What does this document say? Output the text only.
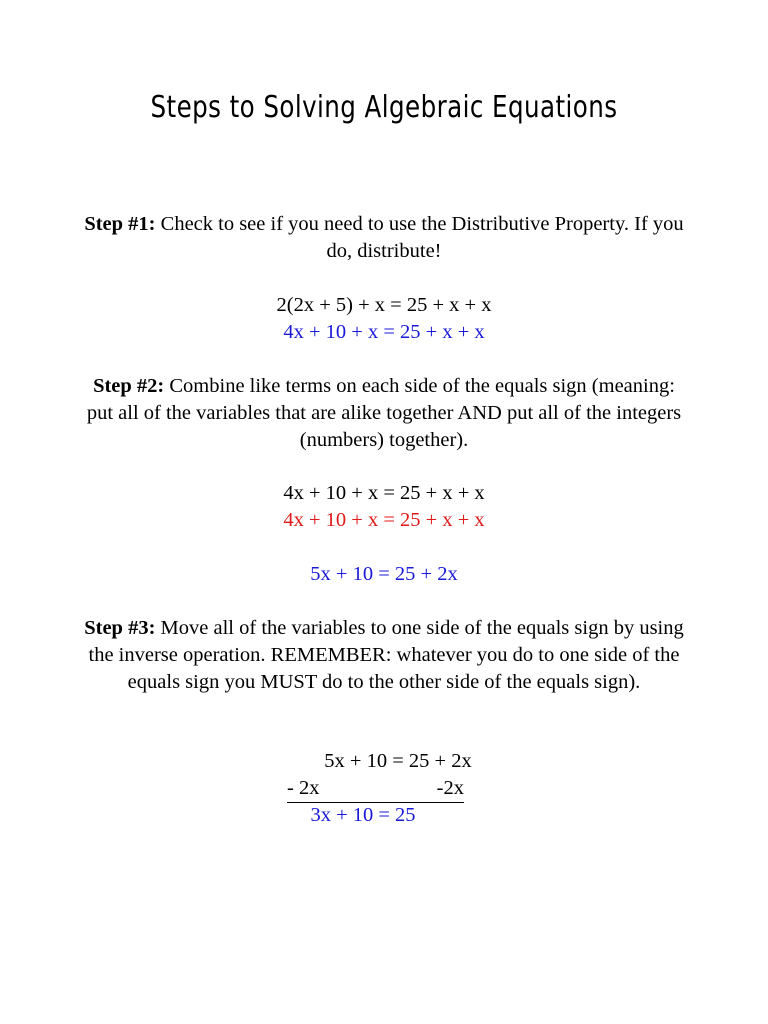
Steps to Solving Algebraic Equations
Step #1: Check to see if you need to use the Distributive Property. If you do, distribute!
2(2x + 5) + x = 25 + x + x
4x + 10 + x = 25 + x + x
Step #2: Combine like terms on each side of the equals sign (meaning: put all of the variables that are alike together AND put all of the integers (numbers) together).
4x + 10 + x = 25 + x + x
4x + 10 + x = 25 + x + x
5x + 10 = 25 + 2x
Step #3: Move all of the variables to one side of the equals sign by using the inverse operation. REMEMBER: whatever you do to one side of the equals sign you MUST do to the other side of the equals sign).
5x + 10 = 25 + 2x
- 2x	-2x
3x + 10 = 25
